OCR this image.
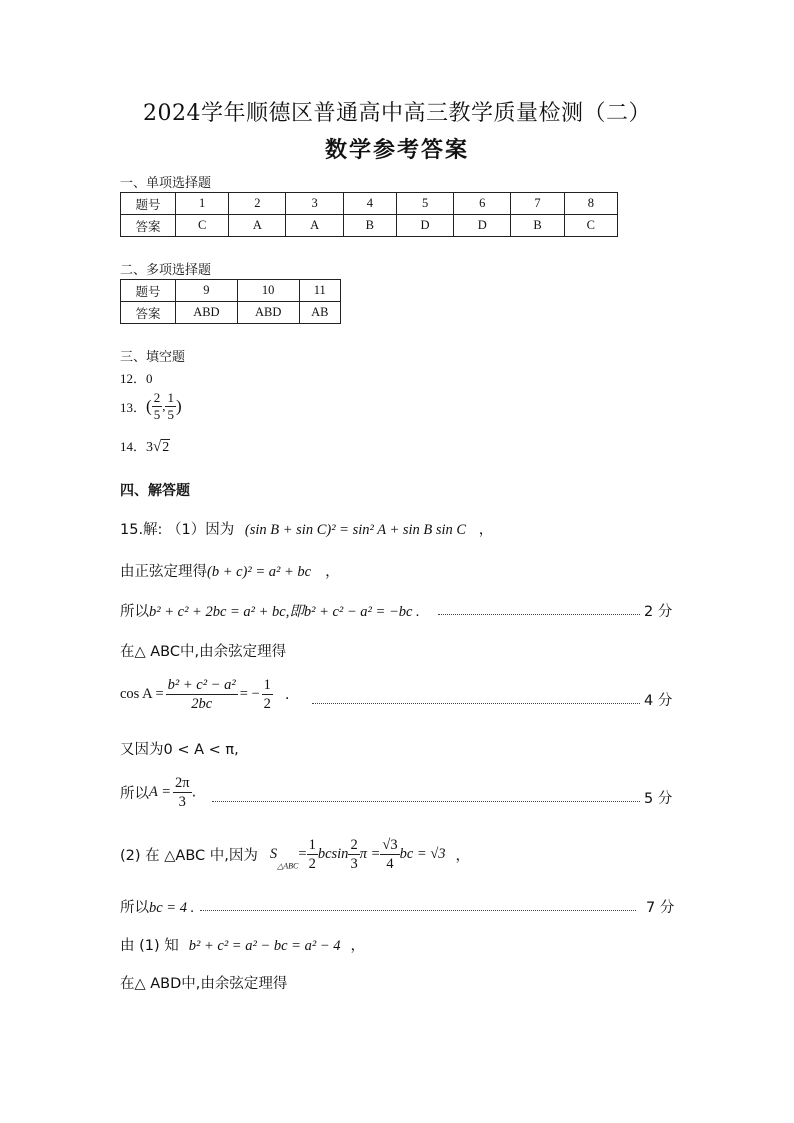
2024学年顺德区普通高中高三教学质量检测（二）
数学参考答案
一、单项选择题
题号	1	2	3	4	5	6	7	8
答案	C	A	A	B	D	D	B	C
二、多项选择题
题号	9	10	11
答案	ABD	ABD	AB
三、填空题
12．0
13．( $\frac{2}{5}$ , $\frac{1}{5}$ )
14．3√2
四、解答题
15.解: （1）因为 (sin B + sin C)² = sin² A + sin B sin C ，
由正弦定理得(b + c)² = a² + bc ，
所以b² + c² + 2bc = a² + bc,即b² + c² − a² = −bc .	2 分
在△ ABC中,由余弦定理得
$\cos A = \frac{\text{b² + c² − a²}}{2bc}$ = − $\frac{1}{2}$ .	4 分
又因为0 < A < π,
所以$A = \frac{2\pi}{3}$ .	5 分
(2) 在 △ABC 中,因为 $S_{\triangle ABC}= \frac{1}{2}$ bcsin $\frac{2}{3}$ $\pi = \frac{√3}{4}$ bc = √3 ，
所以bc = 4 .	7 分
由 (1) 知 b² + c² = a² − bc = a² − 4 ，
在△ ABD中,由余弦定理得
